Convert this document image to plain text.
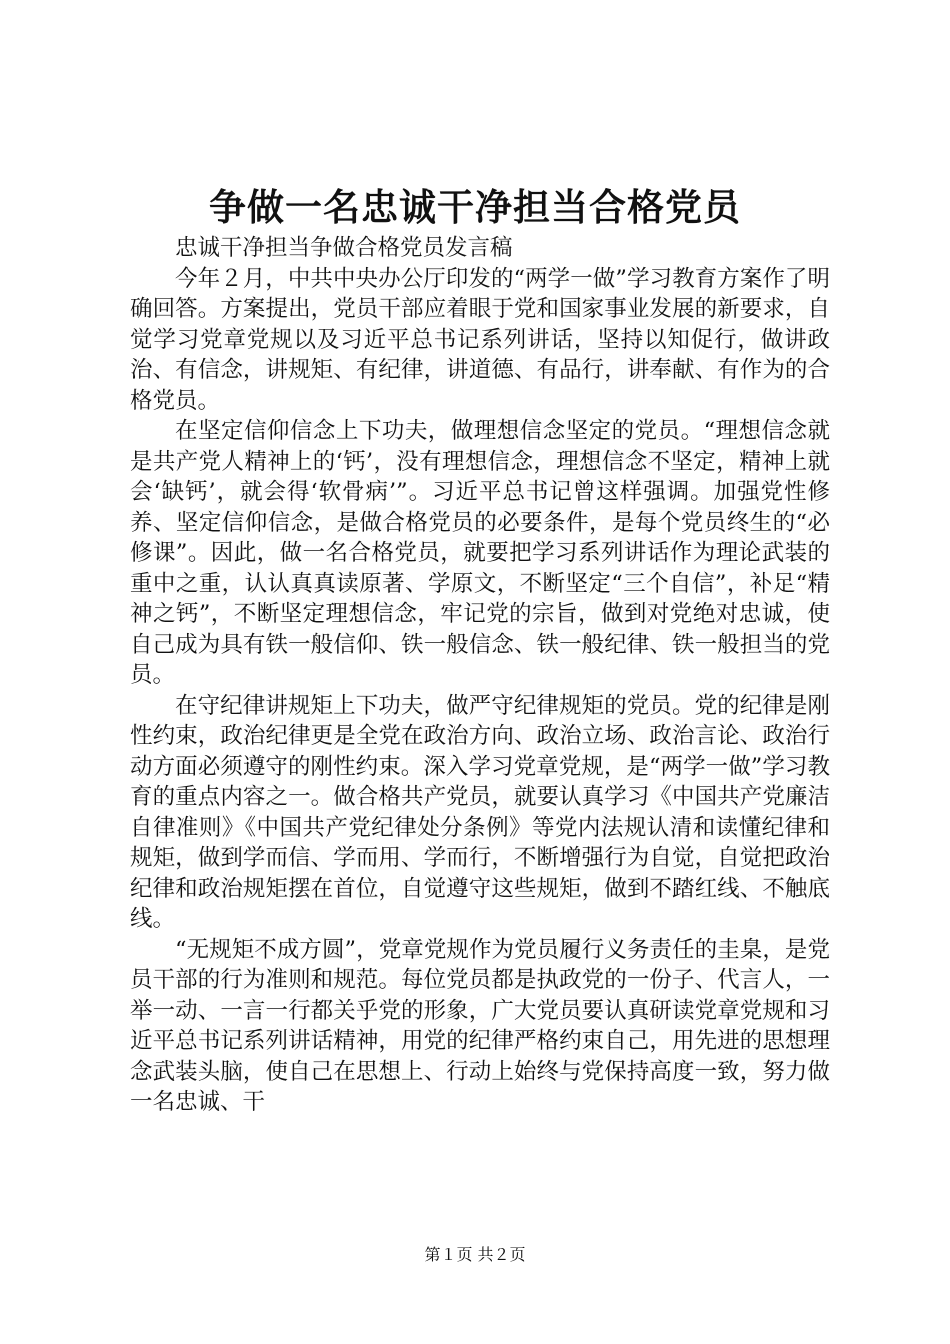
争做一名忠诚干净担当合格党员

忠诚干净担当争做合格党员发言稿

今年２月，中共中央办公厅印发的“两学一做”学习教育方案作了明确回答。方案提出，党员干部应着眼于党和国家事业发展的新要求，自觉学习党章党规以及习近平总书记系列讲话，坚持以知促行，做讲政治、有信念，讲规矩、有纪律，讲道德、有品行，讲奉献、有作为的合格党员。

在坚定信仰信念上下功夫，做理想信念坚定的党员。“理想信念就是共产党人精神上的‘钙’，没有理想信念，理想信念不坚定，精神上就会‘缺钙’，就会得‘软骨病’”。习近平总书记曾这样强调。加强党性修养、坚定信仰信念，是做合格党员的必要条件，是每个党员终生的“必修课”。因此，做一名合格党员，就要把学习系列讲话作为理论武装的重中之重，认认真真读原著、学原文，不断坚定“三个自信”，补足“精神之钙”，不断坚定理想信念，牢记党的宗旨，做到对党绝对忠诚，使自己成为具有铁一般信仰、铁一般信念、铁一般纪律、铁一般担当的党员。

在守纪律讲规矩上下功夫，做严守纪律规矩的党员。党的纪律是刚性约束，政治纪律更是全党在政治方向、政治立场、政治言论、政治行动方面必须遵守的刚性约束。深入学习党章党规，是“两学一做”学习教育的重点内容之一。做合格共产党员，就要认真学习《中国共产党廉洁自律准则》《中国共产党纪律处分条例》等党内法规认清和读懂纪律和规矩，做到学而信、学而用、学而行，不断增强行为自觉，自觉把政治纪律和政治规矩摆在首位，自觉遵守这些规矩，做到不踏红线、不触底线。

“无规矩不成方圆”，党章党规作为党员履行义务责任的圭臬，是党员干部的行为准则和规范。每位党员都是执政党的一份子、代言人，一举一动、一言一行都关乎党的形象，广大党员要认真研读党章党规和习近平总书记系列讲话精神，用党的纪律严格约束自己，用先进的思想理念武装头脑，使自己在思想上、行动上始终与党保持高度一致，努力做一名忠诚、干

第１页 共２页
